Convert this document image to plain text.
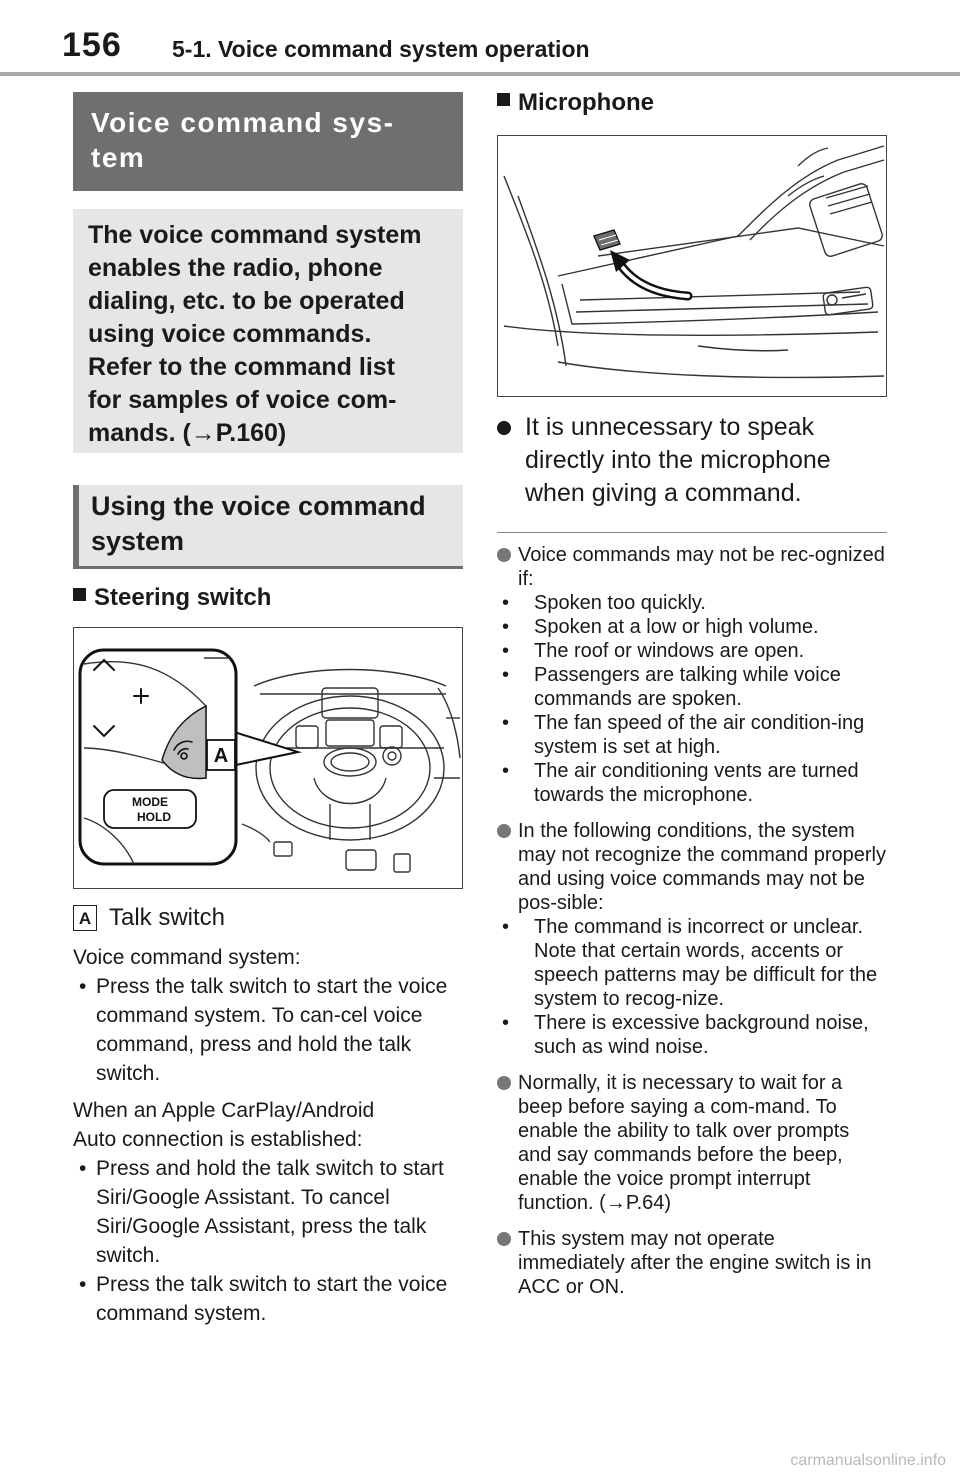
156 5-1. Voice command system operation
Voice command sys-
tem
The voice command system
enables the radio, phone
dialing, etc. to be operated
using voice commands.
Refer to the command list
for samples of voice com-
mands. (→P.160)
Using the voice command
system
Steering switch
MODE
HOLD
A
A Talk switch
Voice command system:
• Press the talk switch to start the voice command system. To can-cel voice command, press and hold the talk switch.
When an Apple CarPlay/Android
Auto connection is established:
• Press and hold the talk switch to start Siri/Google Assistant. To cancel Siri/Google Assistant, press the talk switch.
• Press the talk switch to start the voice command system.
Microphone
It is unnecessary to speak directly into the microphone when giving a command.
Voice commands may not be rec-ognized if:
• Spoken too quickly.
• Spoken at a low or high volume.
• The roof or windows are open.
• Passengers are talking while voice commands are spoken.
• The fan speed of the air condition-ing system is set at high.
• The air conditioning vents are turned towards the microphone.
In the following conditions, the system may not recognize the command properly and using voice commands may not be pos-sible:
• The command is incorrect or unclear. Note that certain words, accents or speech patterns may be difficult for the system to recog-nize.
• There is excessive background noise, such as wind noise.
Normally, it is necessary to wait for a beep before saying a com-mand. To enable the ability to talk over prompts and say commands before the beep, enable the voice prompt interrupt function. (→P.64)
This system may not operate immediately after the engine switch is in ACC or ON.
carmanualsonline.info
